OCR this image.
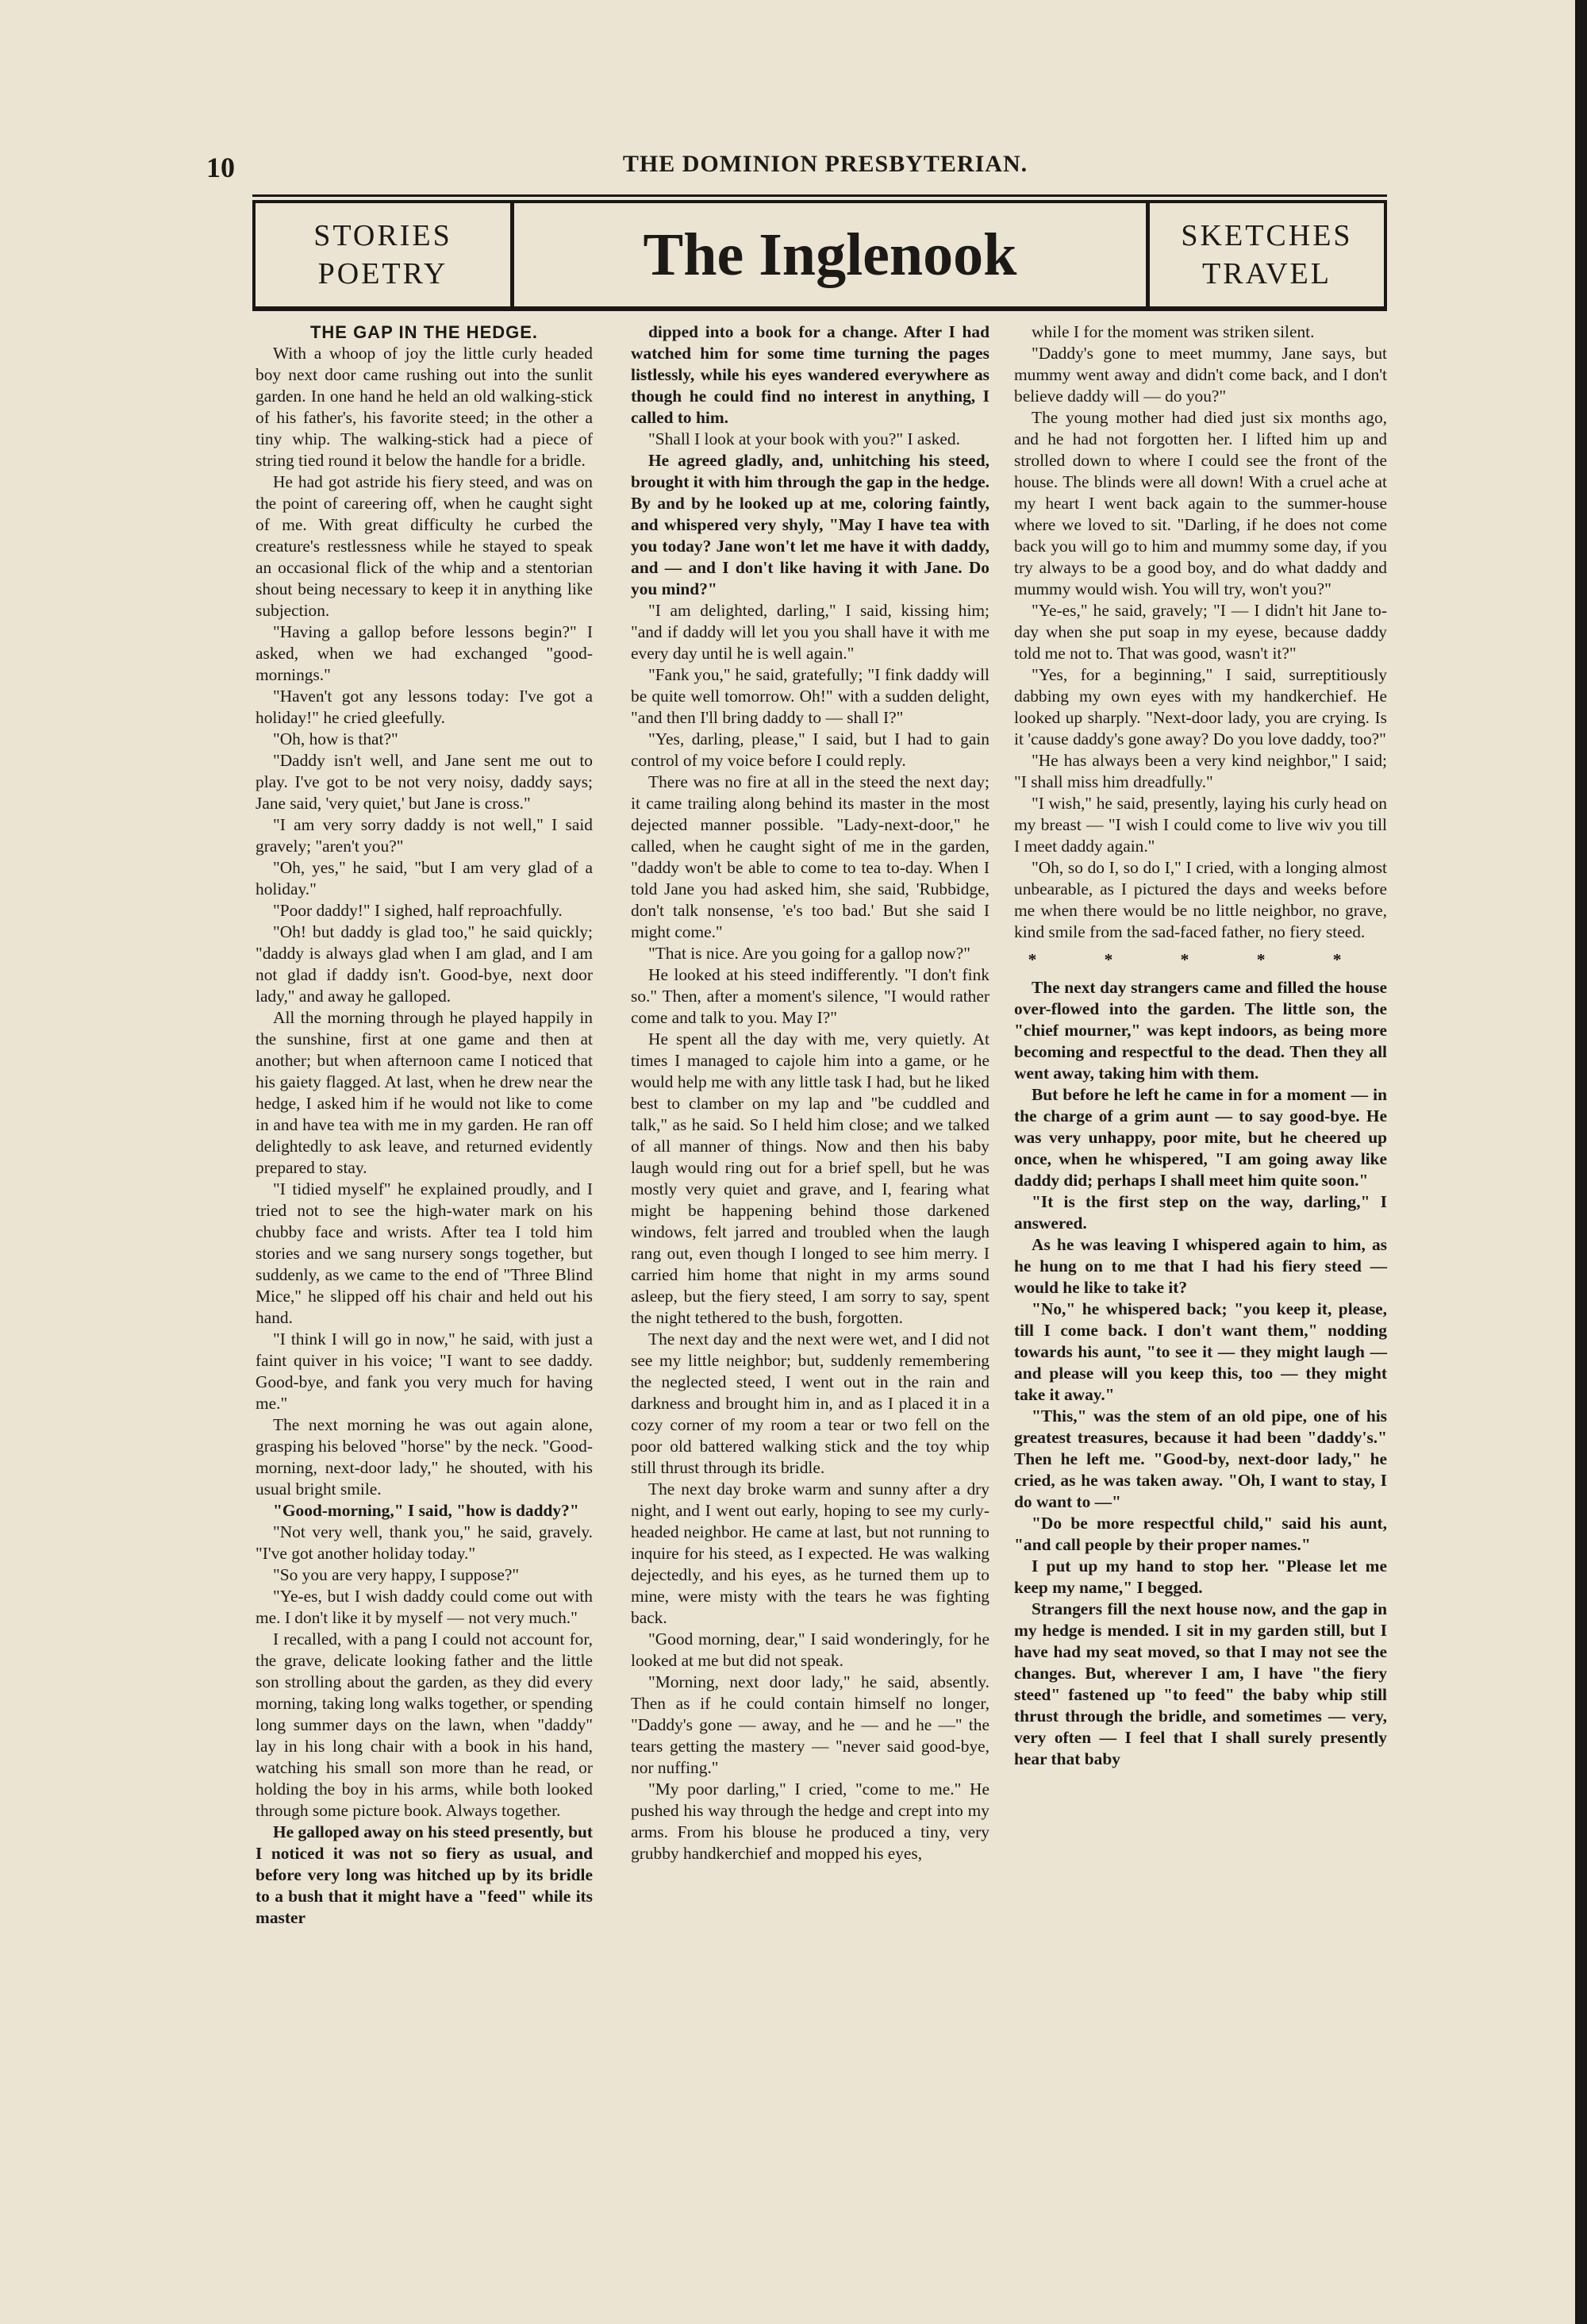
10	THE DOMINION PRESBYTERIAN.
STORIES
POETRY	The Inglenook	SKETCHES
TRAVEL

THE GAP IN THE HEDGE.

With a whoop of joy the little curly headed boy next door came rushing out into the sunlit garden. In one hand he held an old walking-stick of his father's, his favorite steed; in the other a tiny whip. The walking-stick had a piece of string tied round it below the handle for a bridle.

He had got astride his fiery steed, and was on the point of careering off, when he caught sight of me. With great difficulty he curbed the creature's restlessness while he stayed to speak an occasional flick of the whip and a stentorian shout being necessary to keep it in anything like subjection.

"Having a gallop before lessons begin?" I asked, when we had exchanged "good-mornings."

"Haven't got any lessons today: I've got a holiday!" he cried gleefully.

"Oh, how is that?"

"Daddy isn't well, and Jane sent me out to play. I've got to be not very noisy, daddy says; Jane said, 'very quiet,' but Jane is cross."

"I am very sorry daddy is not well," I said gravely; "aren't you?"

"Oh, yes," he said, "but I am very glad of a holiday."

"Poor daddy!" I sighed, half reproachfully.

"Oh! but daddy is glad too," he said quickly; "daddy is always glad when I am glad, and I am not glad if daddy isn't. Good-bye, next door lady," and away he galloped.

All the morning through he played happily in the sunshine, first at one game and then at another; but when afternoon came I noticed that his gaiety flagged. At last, when he drew near the hedge, I asked him if he would not like to come in and have tea with me in my garden. He ran off delightedly to ask leave, and returned evidently prepared to stay.

"I tidied myself" he explained proudly, and I tried not to see the high-water mark on his chubby face and wrists. After tea I told him stories and we sang nursery songs together, but suddenly, as we came to the end of "Three Blind Mice," he slipped off his chair and held out his hand.

"I think I will go in now," he said, with just a faint quiver in his voice; "I want to see daddy. Good-bye, and fank you very much for having me."

The next morning he was out again alone, grasping his beloved "horse" by the neck. "Good-morning, next-door lady," he shouted, with his usual bright smile.

"Good-morning," I said, "how is daddy?"

"Not very well, thank you," he said, gravely. "I've got another holiday today."

"So you are very happy, I suppose?"

"Ye-es, but I wish daddy could come out with me. I don't like it by myself — not very much."

I recalled, with a pang I could not account for, the grave, delicate looking father and the little son strolling about the garden, as they did every morning, taking long walks together, or spending long summer days on the lawn, when "daddy" lay in his long chair with a book in his hand, watching his small son more than he read, or holding the boy in his arms, while both looked through some picture book. Always together.

He galloped away on his steed presently, but I noticed it was not so fiery as usual, and before very long was hitched up by its bridle to a bush that it might have a "feed" while its master

dipped into a book for a change. After I had watched him for some time turning the pages listlessly, while his eyes wandered everywhere as though he could find no interest in anything, I called to him.

"Shall I look at your book with you?" I asked.

He agreed gladly, and, unhitching his steed, brought it with him through the gap in the hedge. By and by he looked up at me, coloring faintly, and whispered very shyly, "May I have tea with you today? Jane won't let me have it with daddy, and — and I don't like having it with Jane. Do you mind?"

"I am delighted, darling," I said, kissing him; "and if daddy will let you you shall have it with me every day until he is well again."

"Fank you," he said, gratefully; "I fink daddy will be quite well tomorrow. Oh!" with a sudden delight, "and then I'll bring daddy to — shall I?"

"Yes, darling, please," I said, but I had to gain control of my voice before I could reply.

There was no fire at all in the steed the next day; it came trailing along behind its master in the most dejected manner possible. "Lady-next-door," he called, when he caught sight of me in the garden, "daddy won't be able to come to tea to-day. When I told Jane you had asked him, she said, 'Rubbidge, don't talk nonsense, 'e's too bad.' But she said I might come."

"That is nice. Are you going for a gallop now?"

He looked at his steed indifferently. "I don't fink so." Then, after a moment's silence, "I would rather come and talk to you. May I?"

He spent all the day with me, very quietly. At times I managed to cajole him into a game, or he would help me with any little task I had, but he liked best to clamber on my lap and "be cuddled and talk," as he said. So I held him close; and we talked of all manner of things. Now and then his baby laugh would ring out for a brief spell, but he was mostly very quiet and grave, and I, fearing what might be happening behind those darkened windows, felt jarred and troubled when the laugh rang out, even though I longed to see him merry. I carried him home that night in my arms sound asleep, but the fiery steed, I am sorry to say, spent the night tethered to the bush, forgotten.

The next day and the next were wet, and I did not see my little neighbor; but, suddenly remembering the neglected steed, I went out in the rain and darkness and brought him in, and as I placed it in a cozy corner of my room a tear or two fell on the poor old battered walking stick and the toy whip still thrust through its bridle.

The next day broke warm and sunny after a dry night, and I went out early, hoping to see my curly-headed neighbor. He came at last, but not running to inquire for his steed, as I expected. He was walking dejectedly, and his eyes, as he turned them up to mine, were misty with the tears he was fighting back.

"Good morning, dear," I said wonderingly, for he looked at me but did not speak.

"Morning, next door lady," he said, absently. Then as if he could contain himself no longer, "Daddy's gone — away, and he — and he —" the tears getting the mastery — "never said good-bye, nor nuffing."

"My poor darling," I cried, "come to me." He pushed his way through the hedge and crept into my arms. From his blouse he produced a tiny, very grubby handkerchief and mopped his eyes,

while I for the moment was striken silent.

"Daddy's gone to meet mummy, Jane says, but mummy went away and didn't come back, and I don't believe daddy will — do you?"

The young mother had died just six months ago, and he had not forgotten her. I lifted him up and strolled down to where I could see the front of the house. The blinds were all down! With a cruel ache at my heart I went back again to the summer-house where we loved to sit. "Darling, if he does not come back you will go to him and mummy some day, if you try always to be a good boy, and do what daddy and mummy would wish. You will try, won't you?"

"Ye-es," he said, gravely; "I — I didn't hit Jane to-day when she put soap in my eyese, because daddy told me not to. That was good, wasn't it?"

"Yes, for a beginning," I said, surreptitiously dabbing my own eyes with my handkerchief. He looked up sharply. "Next-door lady, you are crying. Is it 'cause daddy's gone away? Do you love daddy, too?"

"He has always been a very kind neighbor," I said; "I shall miss him dreadfully."

"I wish," he said, presently, laying his curly head on my breast — "I wish I could come to live wiv you till I meet daddy again."

"Oh, so do I, so do I," I cried, with a longing almost unbearable, as I pictured the days and weeks before me when there would be no little neighbor, no grave, kind smile from the sad-faced father, no fiery steed.

* * * * *

The next day strangers came and filled the house over-flowed into the garden. The little son, the "chief mourner," was kept indoors, as being more becoming and respectful to the dead. Then they all went away, taking him with them.

But before he left he came in for a moment — in the charge of a grim aunt — to say good-bye. He was very unhappy, poor mite, but he cheered up once, when he whispered, "I am going away like daddy did; perhaps I shall meet him quite soon."

"It is the first step on the way, darling," I answered.

As he was leaving I whispered again to him, as he hung on to me that I had his fiery steed — would he like to take it?

"No," he whispered back; "you keep it, please, till I come back. I don't want them," nodding towards his aunt, "to see it — they might laugh — and please will you keep this, too — they might take it away."

"This," was the stem of an old pipe, one of his greatest treasures, because it had been "daddy's." Then he left me. "Good-by, next-door lady," he cried, as he was taken away. "Oh, I want to stay, I do want to —"

"Do be more respectful child," said his aunt, "and call people by their proper names."

I put up my hand to stop her. "Please let me keep my name," I begged.

Strangers fill the next house now, and the gap in my hedge is mended. I sit in my garden still, but I have had my seat moved, so that I may not see the changes. But, wherever I am, I have "the fiery steed" fastened up "to feed" the baby whip still thrust through the bridle, and sometimes — very, very often — I feel that I shall surely presently hear that baby
